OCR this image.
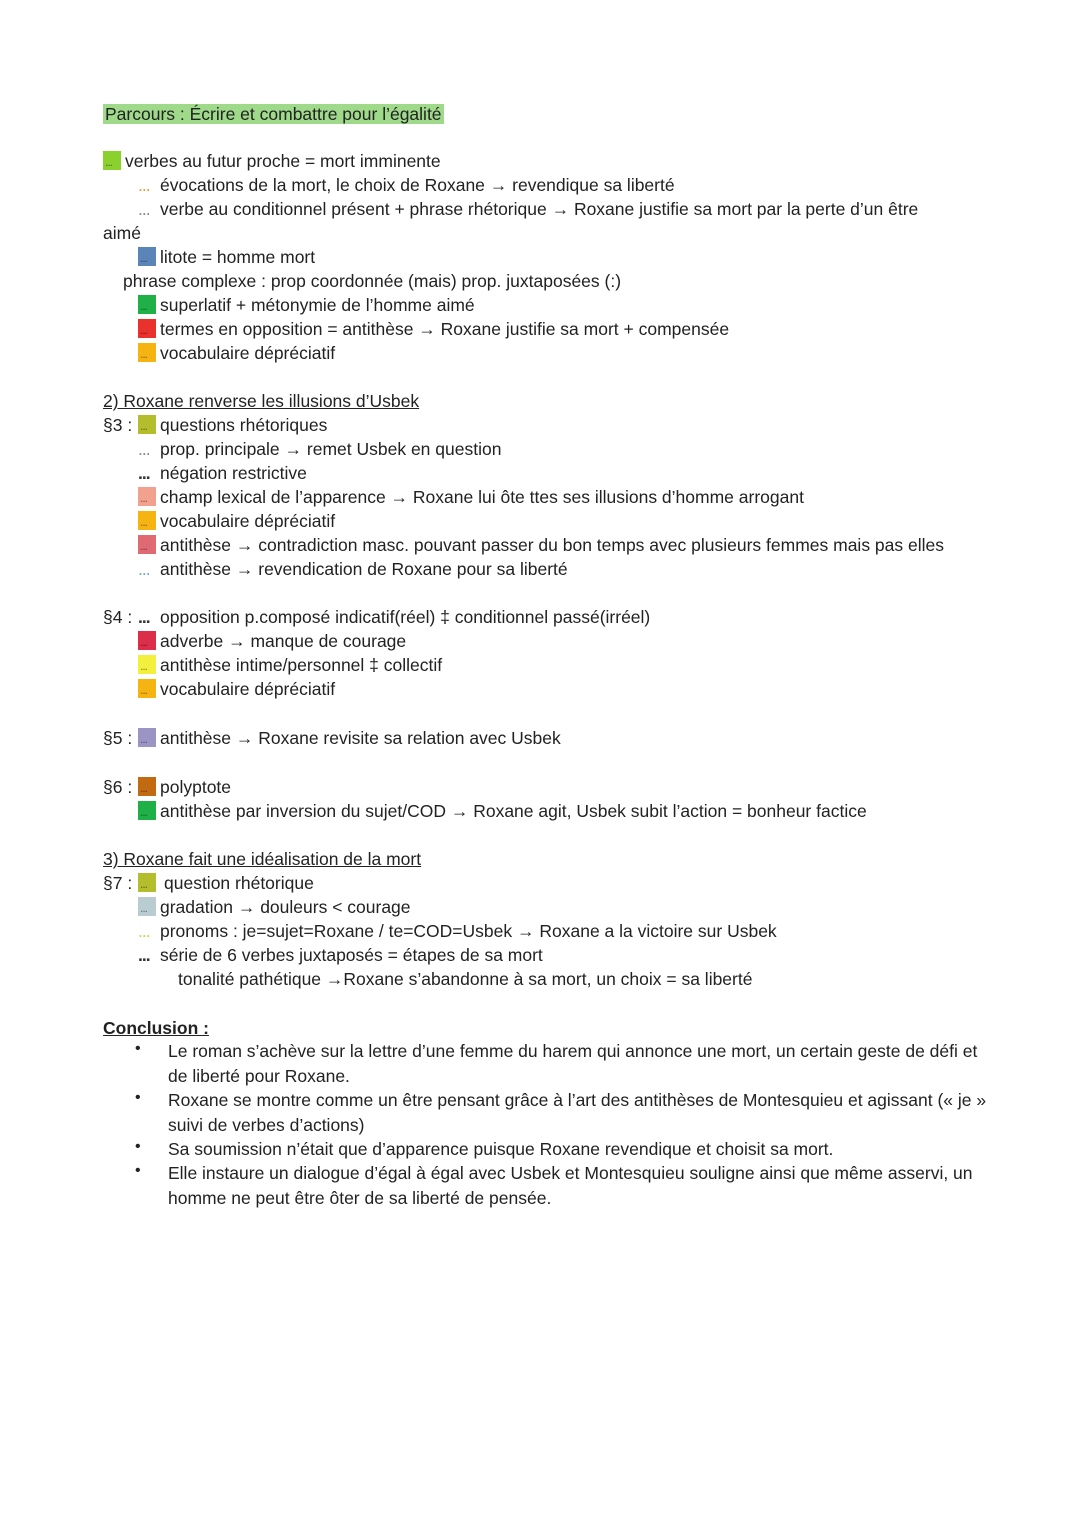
Parcours : Écrire et combattre pour l’égalité
...verbes au futur proche = mort imminente
... évocations de la mort, le choix de Roxane → revendique sa liberté
... verbe au conditionnel présent + phrase rhétorique → Roxane justifie sa mort par la perte d’un être
aimé
...litote = homme mort
phrase complexe : prop coordonnée (mais) prop. juxtaposées (:)
...superlatif + métonymie de l’homme aimé
...termes en opposition = antithèse → Roxane justifie sa mort + compensée
...vocabulaire dépréciatif
2) Roxane renverse les illusions d’Usbek
§3 : ...	questions rhétoriques
... prop. principale → remet Usbek en question
... négation restrictive
...champ lexical de l’apparence → Roxane lui ôte ttes ses illusions d’homme arrogant
...vocabulaire dépréciatif
...antithèse → contradiction masc. pouvant passer du bon temps avec plusieurs femmes mais pas elles
... antithèse → revendication de Roxane pour sa liberté
§4 : ... opposition p.composé indicatif(réel) ‡ conditionnel passé(irréel)
...adverbe → manque de courage
...antithèse intime/personnel ‡ collectif
...vocabulaire dépréciatif
§5 : ...	antithèse → Roxane revisite sa relation avec Usbek
§6 : ...	polyptote
...antithèse par inversion du sujet/COD → Roxane agit, Usbek subit l’action = bonheur factice
3) Roxane fait une idéalisation de la mort
§7 : ...	question rhétorique
...gradation → douleurs < courage
... pronoms : je=sujet=Roxane / te=COD=Usbek → Roxane a la victoire sur Usbek
... série de 6 verbes juxtaposés = étapes de sa mort
tonalité pathétique →Roxane s’abandonne à sa mort, un choix = sa liberté
Conclusion :
• Le roman s’achève sur la lettre d’une femme du harem qui annonce une mort, un certain geste de défi et de liberté pour Roxane.
• Roxane se montre comme un être pensant grâce à l’art des antithèses de Montesquieu et agissant (« je » suivi de verbes d’actions)
• Sa soumission n’était que d’apparence puisque Roxane revendique et choisit sa mort.
• Elle instaure un dialogue d’égal à égal avec Usbek et Montesquieu souligne ainsi que même asservi, un homme ne peut être ôter de sa liberté de pensée.
